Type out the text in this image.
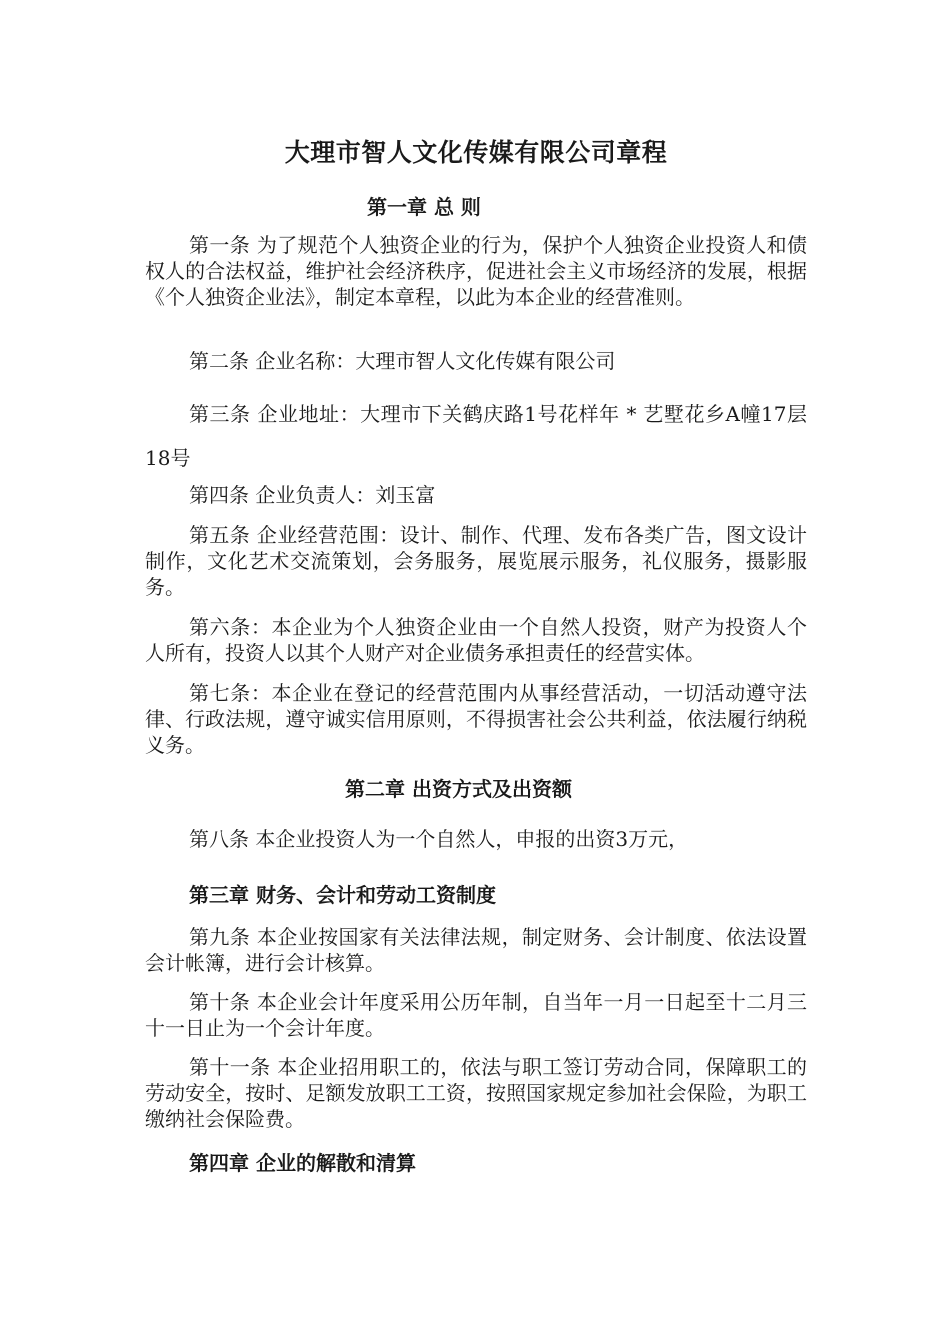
大理市智人文化传媒有限公司章程
第一章 总 则
第一条 为了规范个人独资企业的行为，保护个人独资企业投资人和债权人的合法权益，维护社会经济秩序，促进社会主义市场经济的发展，根据《个人独资企业法》，制定本章程，以此为本企业的经营准则。
第二条 企业名称：大理市智人文化传媒有限公司
第三条 企业地址：大理市下关鹤庆路1号花样年 * 艺墅花乡A幢17层18号
第四条 企业负责人：刘玉富
第五条 企业经营范围：设计、制作、代理、发布各类广告，图文设计制作，文化艺术交流策划，会务服务，展览展示服务，礼仪服务，摄影服务。
第六条：本企业为个人独资企业由一个自然人投资，财产为投资人个人所有，投资人以其个人财产对企业债务承担责任的经营实体。
第七条：本企业在登记的经营范围内从事经营活动，一切活动遵守法律、行政法规，遵守诚实信用原则，不得损害社会公共利益，依法履行纳税义务。
第二章 出资方式及出资额
第八条 本企业投资人为一个自然人，申报的出资3万元，
第三章 财务、会计和劳动工资制度
第九条 本企业按国家有关法律法规，制定财务、会计制度、依法设置会计帐簿，进行会计核算。
第十条 本企业会计年度采用公历年制，自当年一月一日起至十二月三十一日止为一个会计年度。
第十一条 本企业招用职工的，依法与职工签订劳动合同，保障职工的劳动安全，按时、足额发放职工工资，按照国家规定参加社会保险，为职工缴纳社会保险费。
第四章 企业的解散和清算
